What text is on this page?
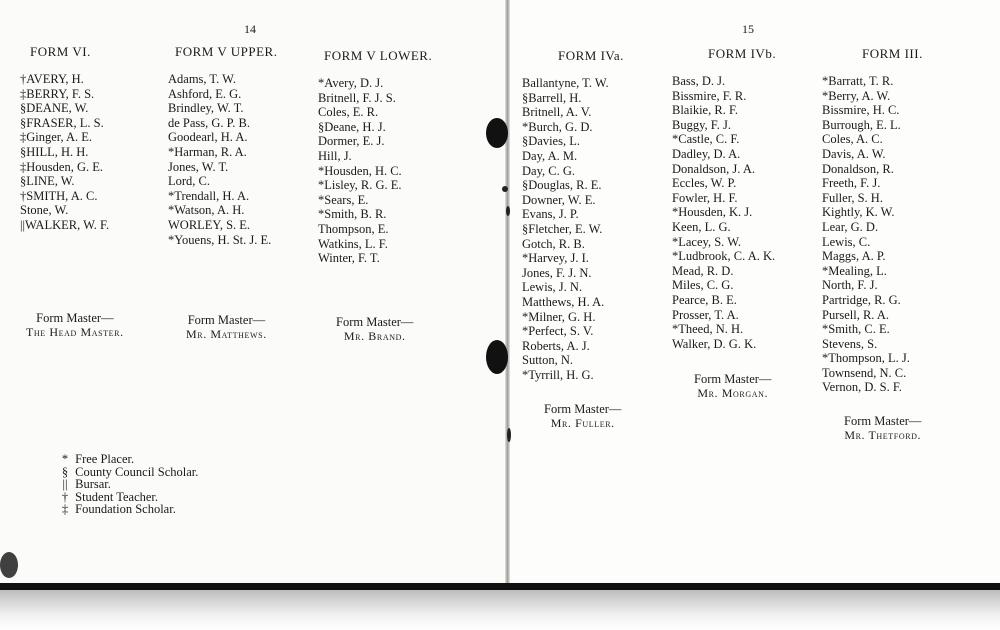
14	15
FORM VI.
†AVERY, H.
‡BERRY, F. S.
§DEANE, W.
§FRASER, L. S.
‡Ginger, A. E.
§HILL, H. H.
‡Housden, G. E.
§LINE, W.
†SMITH, A. C.
Stone, W.
||WALKER, W. F.
Form Master—
The Head Master.
FORM V UPPER.
Adams, T. W.
Ashford, E. G.
Brindley, W. T.
de Pass, G. P. B.
Goodearl, H. A.
*Harman, R. A.
Jones, W. T.
Lord, C.
*Trendall, H. A.
*Watson, A. H.
WORLEY, S. E.
*Youens, H. St. J. E.
Form Master—
Mr. Matthews.
FORM V LOWER.
*Avery, D. J.
Britnell, F. J. S.
Coles, E. R.
§Deane, H. J.
Dormer, E. J.
Hill, J.
*Housden, H. C.
*Lisley, R. G. E.
*Sears, E.
*Smith, B. R.
Thompson, E.
Watkins, L. F.
Winter, F. T.
Form Master—
Mr. Brand.
FORM IVa.
Ballantyne, T. W.
§Barrell, H.
Britnell, A. V.
*Burch, G. D.
§Davies, L.
Day, A. M.
Day, C. G.
§Douglas, R. E.
Downer, W. E.
Evans, J. P.
§Fletcher, E. W.
Gotch, R. B.
*Harvey, J. I.
Jones, F. J. N.
Lewis, J. N.
Matthews, H. A.
*Milner, G. H.
*Perfect, S. V.
Roberts, A. J.
Sutton, N.
*Tyrrill, H. G.
Form Master—
Mr. Fuller.
FORM IVb.
Bass, D. J.
Bissmire, F. R.
Blaikie, R. F.
Buggy, F. J.
*Castle, C. F.
Dadley, D. A.
Donaldson, J. A.
Eccles, W. P.
Fowler, H. F.
*Housden, K. J.
Keen, L. G.
*Lacey, S. W.
*Ludbrook, C. A. K.
Mead, R. D.
Miles, C. G.
Pearce, B. E.
Prosser, T. A.
*Theed, N. H.
Walker, D. G. K.
Form Master—
Mr. Morgan.
FORM III.
*Barratt, T. R.
*Berry, A. W.
Bissmire, H. C.
Burrough, E. L.
Coles, A. C.
Davis, A. W.
Donaldson, R.
Freeth, F. J.
Fuller, S. H.
Kightly, K. W.
Lear, G. D.
Lewis, C.
Maggs, A. P.
*Mealing, L.
North, F. J.
Partridge, R. G.
Pursell, R. A.
*Smith, C. E.
Stevens, S.
*Thompson, L. J.
Townsend, N. C.
Vernon, D. S. F.
Form Master—
Mr. Thetford.
* Free Placer.
§ County Council Scholar.
|| Bursar.
† Student Teacher.
‡ Foundation Scholar.
